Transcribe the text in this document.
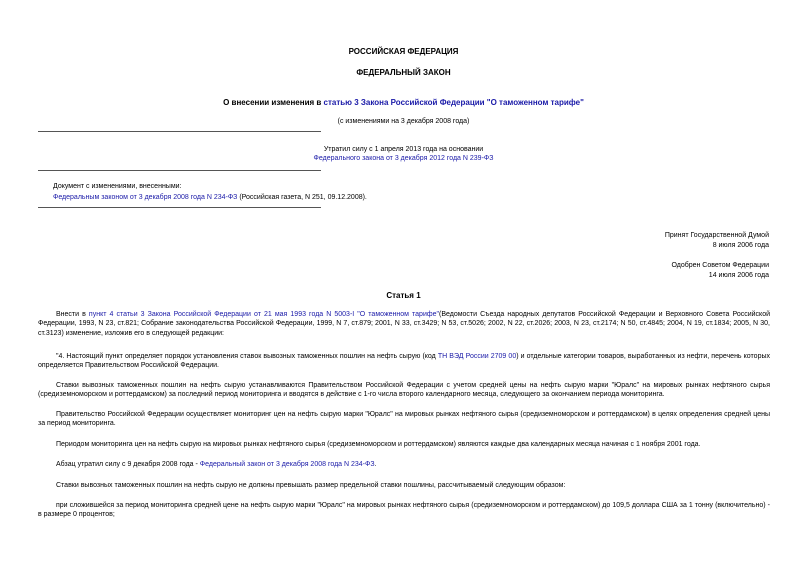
РОССИЙСКАЯ ФЕДЕРАЦИЯ
ФЕДЕРАЛЬНЫЙ ЗАКОН
О внесении изменения в статью 3 Закона Российской Федерации "О таможенном тарифе"
(с изменениями на 3 декабря 2008 года)
Утратил силу с 1 апреля 2013 года на основании
Федерального закона от 3 декабря 2012 года N 239-ФЗ
Документ с изменениями, внесенными:
Федеральным законом от 3 декабря 2008 года N 234-ФЗ (Российская газета, N 251, 09.12.2008).
Принят Государственной Думой
8 июля 2006 года
Одобрен Советом Федерации
14 июля 2006 года
Статья 1
Внести в пункт 4 статьи 3 Закона Российской Федерации от 21 мая 1993 года N 5003-I "О таможенном тарифе"(Ведомости Съезда народных депутатов Российской Федерации и Верховного Совета Российской Федерации, 1993, N 23, ст.821; Собрание законодательства Российской Федерации, 1999, N 7, ст.879; 2001, N 33, ст.3429; N 53, ст.5026; 2002, N 22, ст.2026; 2003, N 23, ст.2174; N 50, ст.4845; 2004, N 19, ст.1834; 2005, N 30, ст.3123) изменение, изложив его в следующей редакции:
"4. Настоящий пункт определяет порядок установления ставок вывозных таможенных пошлин на нефть сырую (код ТН ВЭД России 2709 00) и отдельные категории товаров, выработанных из нефти, перечень которых определяется Правительством Российской Федерации.
Ставки вывозных таможенных пошлин на нефть сырую устанавливаются Правительством Российской Федерации с учетом средней цены на нефть сырую марки "Юралс" на мировых рынках нефтяного сырья (средиземноморском и роттердамском) за последний период мониторинга и вводятся в действие с 1-го числа второго календарного месяца, следующего за окончанием периода мониторинга.
Правительство Российской Федерации осуществляет мониторинг цен на нефть сырую марки "Юралс" на мировых рынках нефтяного сырья (средиземноморском и роттердамском) в целях определения средней цены за период мониторинга.
Периодом мониторинга цен на нефть сырую на мировых рынках нефтяного сырья (средиземноморском и роттердамском) являются каждые два календарных месяца начиная с 1 ноября 2001 года.
Абзац утратил силу с 9 декабря 2008 года - Федеральный закон от 3 декабря 2008 года N 234-ФЗ.
Ставки вывозных таможенных пошлин на нефть сырую не должны превышать размер предельной ставки пошлины, рассчитываемый следующим образом:
при сложившейся за период мониторинга средней цене на нефть сырую марки "Юралс" на мировых рынках нефтяного сырья (средиземноморском и роттердамском) до 109,5 доллара США за 1 тонну (включительно) - в размере 0 процентов;
